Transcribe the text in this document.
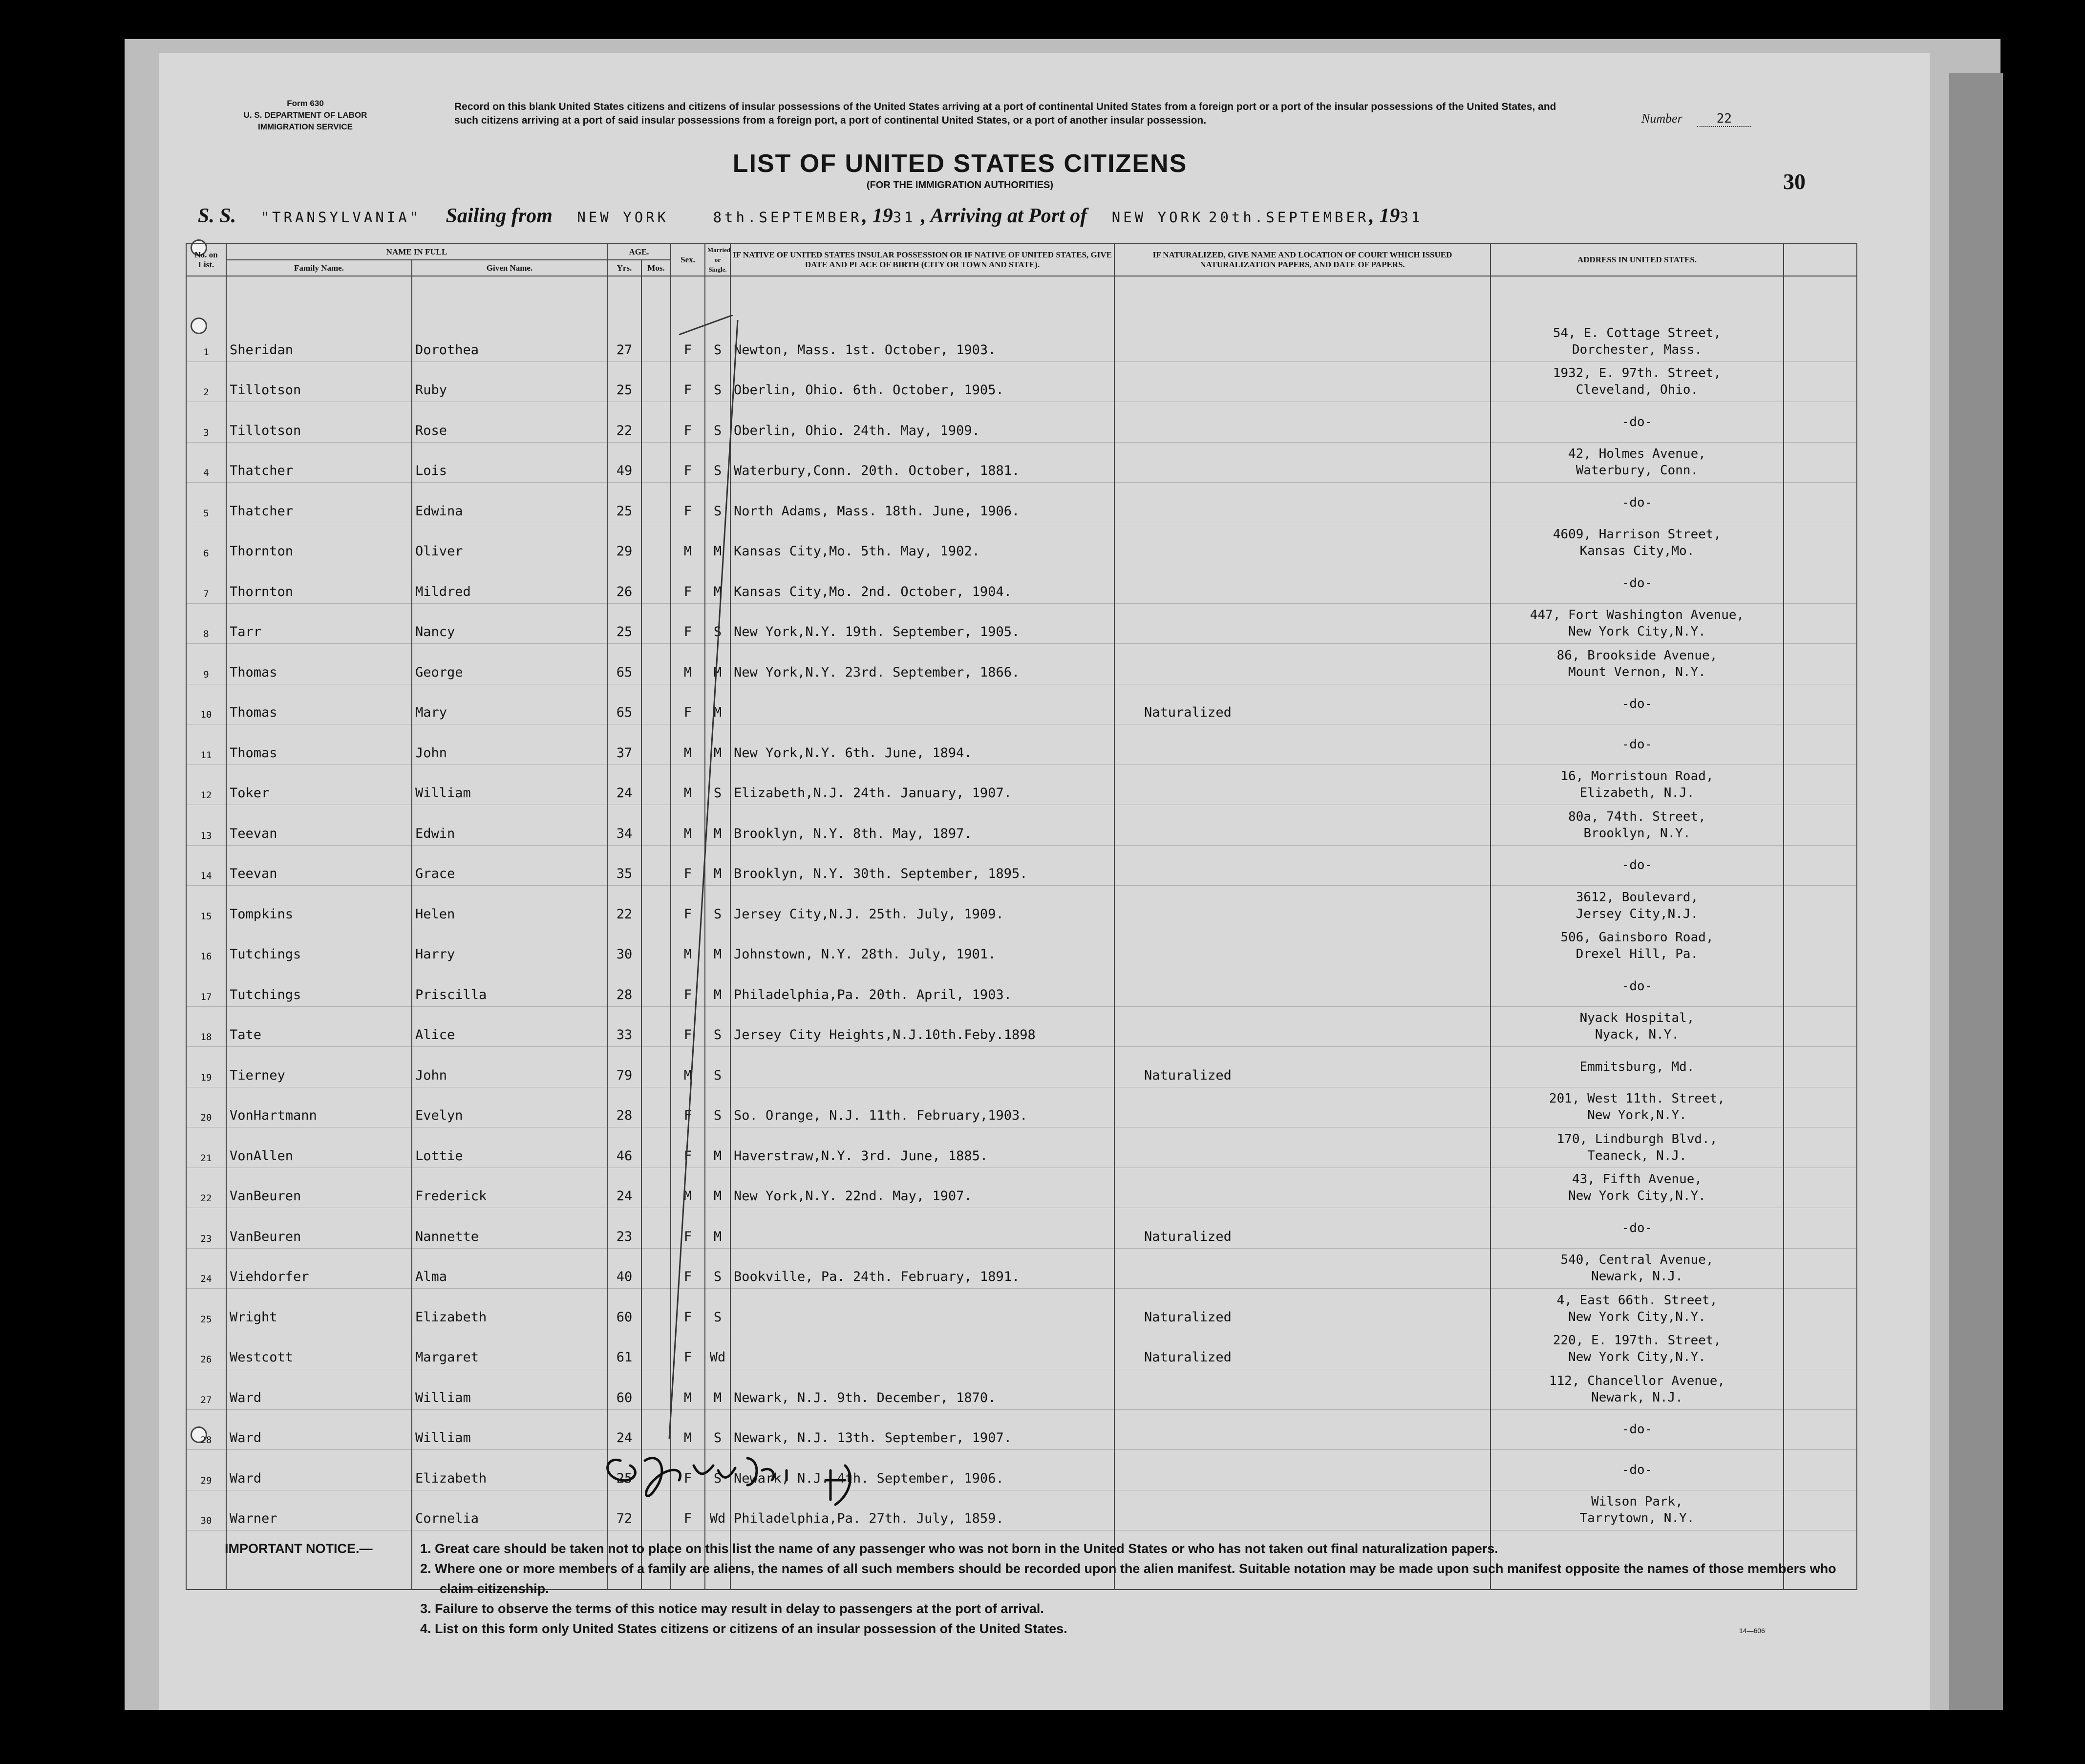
Form 630
U. S. DEPARTMENT OF LABOR
IMMIGRATION SERVICE
Record on this blank United States citizens and citizens of insular possessions of the United States arriving at a port of continental United States from a foreign port or a port of the insular possessions of the United States, and such citizens arriving at a port of said insular possessions from a foreign port, a port of continental United States, or a port of another insular possession.	Number	22
LIST OF UNITED STATES CITIZENS
(FOR THE IMMIGRATION AUTHORITIES)	30
S. S. "TRANSYLVANIA" Sailing from NEW YORK	8th.SEPTEMBER, 1931 , Arriving at Port of NEW YORK 20th.SEPTEMBER, 1931
No. on List.	NAME IN FULL		AGE.		Sex.	Married or Single.	IF NATIVE OF UNITED STATES INSULAR POSSESSION OR IF NATIVE OF UNITED STATES, GIVE DATE AND PLACE OF BIRTH (CITY OR TOWN AND STATE).	IF NATURALIZED, GIVE NAME AND LOCATION OF COURT WHICH ISSUED NATURALIZATION PAPERS, AND DATE OF PAPERS.	ADDRESS IN UNITED STATES.	
	Family Name.	Given Name.	Yrs.	Mos.						

1	Sheridan	Dorothea	27		F	S	Newton, Mass. 1st. October, 1903.		54, E. Cottage Street,
Dorchester, Mass.	

2	Tillotson	Ruby	25		F	S	Oberlin, Ohio. 6th. October, 1905.		1932, E. 97th. Street,
Cleveland, Ohio.	

3	Tillotson	Rose	22		F	S	Oberlin, Ohio. 24th. May, 1909.		-do-	

4	Thatcher	Lois	49		F	S	Waterbury,Conn. 20th. October, 1881.		42, Holmes Avenue,
Waterbury, Conn.	

5	Thatcher	Edwina	25		F	S	North Adams, Mass. 18th. June, 1906.		-do-	

6	Thornton	Oliver	29		M	M	Kansas City,Mo. 5th. May, 1902.		4609, Harrison Street,
Kansas City,Mo.	

7	Thornton	Mildred	26		F	M	Kansas City,Mo. 2nd. October, 1904.		-do-	

8	Tarr	Nancy	25		F	S	New York,N.Y. 19th. September, 1905.		447, Fort Washington Avenue,
New York City,N.Y.	

9	Thomas	George	65		M	M	New York,N.Y. 23rd. September, 1866.		86, Brookside Avenue,
Mount Vernon, N.Y.	

10	Thomas	Mary	65		F	M		Naturalized	-do-	

11	Thomas	John	37		M	M	New York,N.Y. 6th. June, 1894.		-do-	

12	Toker	William	24		M	S	Elizabeth,N.J. 24th. January, 1907.		16, Morristoun Road,
Elizabeth, N.J.	

13	Teevan	Edwin	34		M	M	Brooklyn, N.Y. 8th. May, 1897.		80a, 74th. Street,
Brooklyn, N.Y.	

14	Teevan	Grace	35		F	M	Brooklyn, N.Y. 30th. September, 1895.		-do-	

15	Tompkins	Helen	22		F	S	Jersey City,N.J. 25th. July, 1909.		3612, Boulevard,
Jersey City,N.J.	

16	Tutchings	Harry	30		M	M	Johnstown, N.Y. 28th. July, 1901.		506, Gainsboro Road,
Drexel Hill, Pa.	

17	Tutchings	Priscilla	28		F	M	Philadelphia,Pa. 20th. April, 1903.		-do-	

18	Tate	Alice	33		F	S	Jersey City Heights,N.J.10th.Feby.1898		Nyack Hospital,
Nyack, N.Y.	

19	Tierney	John	79		M	S		Naturalized	Emmitsburg, Md.	

20	VonHartmann	Evelyn	28		F	S	So. Orange, N.J. 11th. February,1903.		201, West 11th. Street,
New York,N.Y.	

21	VonAllen	Lottie	46		F	M	Haverstraw,N.Y. 3rd. June, 1885.		170, Lindburgh Blvd.,
Teaneck, N.J.	

22	VanBeuren	Frederick	24		M	M	New York,N.Y. 22nd. May, 1907.		43, Fifth Avenue,
New York City,N.Y.	

23	VanBeuren	Nannette	23		F	M		Naturalized	-do-	

24	Viehdorfer	Alma	40		F	S	Bookville, Pa. 24th. February, 1891.		540, Central Avenue,
Newark, N.J.	

25	Wright	Elizabeth	60		F	S		Naturalized	4, East 66th. Street,
New York City,N.Y.	

26	Westcott	Margaret	61		F	Wd		Naturalized	220, E. 197th. Street,
New York City,N.Y.	

27	Ward	William	60		M	M	Newark, N.J. 9th. December, 1870.		112, Chancellor Avenue,
Newark, N.J.	

28	Ward	William	24		M	S	Newark, N.J. 13th. September, 1907.		-do-	

29	Ward	Elizabeth	25		F	S	Newark, N.J. 4th. September, 1906.		-do-	

30	Warner	Cornelia	72		F	Wd	Philadelphia,Pa. 27th. July, 1859.		Wilson Park,
Tarrytown, N.Y.	

IMPORTANT NOTICE.—	1. Great care should be taken not to place on this list the name of any passenger who was not born in the United States or who has not taken out final naturalization papers.
2. Where one or more members of a family are aliens, the names of all such members should be recorded upon the alien manifest. Suitable notation may be made upon such manifest opposite the names of those members who claim citizenship.
3. Failure to observe the terms of this notice may result in delay to passengers at the port of arrival.
4. List on this form only United States citizens or citizens of an insular possession of the United States.	14—606
